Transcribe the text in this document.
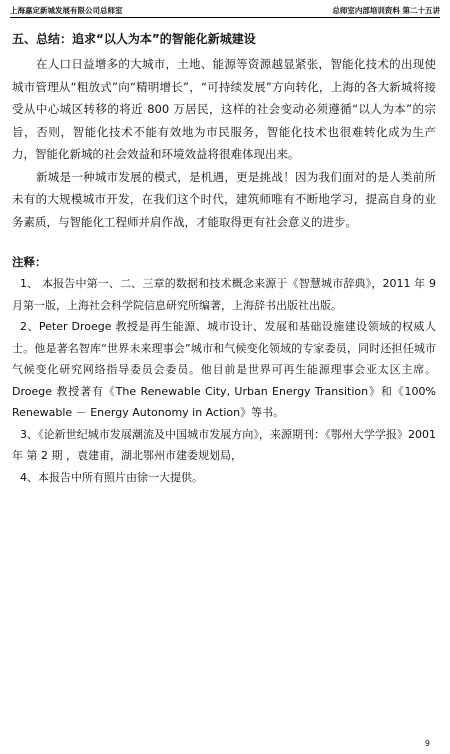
上海嘉定新城发展有限公司总师室	总师室内部培训资料 第二十五讲
五、总结：追求“以人为本”的智能化新城建设

在人口日益增多的大城市，土地、能源等资源越显紧张，智能化技术的出现使城市管理从“粗放式”向“精明增长”，“可持续发展”方向转化，上海的各大新城将接受从中心城区转移的将近 800 万居民，这样的社会变动必须遵循“以人为本”的宗旨，否则，智能化技术不能有效地为市民服务，智能化技术也很难转化成为生产力，智能化新城的社会效益和环境效益将很难体现出来。

新城是一种城市发展的模式，是机遇，更是挑战！因为我们面对的是人类前所未有的大规模城市开发，在我们这个时代，建筑师唯有不断地学习，提高自身的业务素质，与智能化工程师并肩作战，才能取得更有社会意义的进步。

注释：

1、 本报告中第一、二、三章的数据和技术概念来源于《智慧城市辞典》，2011 年 9 月第一版，上海社会科学院信息研究所编著，上海辞书出版社出版。

2、Peter Droege 教授是再生能源、城市设计、发展和基础设施建设领域的权威人士。他是著名智库“世界未来理事会”城市和气候变化领域的专家委员，同时还担任城市气候变化研究网络指导委员会委员。他目前是世界可再生能源理事会亚太区主席。Droege 教授著有《The Renewable City, Urban Energy Transition》和《100% Renewable － Energy Autonomy in Action》等书。

3、《论新世纪城市发展潮流及中国城市发展方向》，来源期刊：《鄂州大学学报》2001 年 第 2 期 ，袁建甫，湖北鄂州市建委规划局，

4、本报告中所有照片由徐一大提供。

9
